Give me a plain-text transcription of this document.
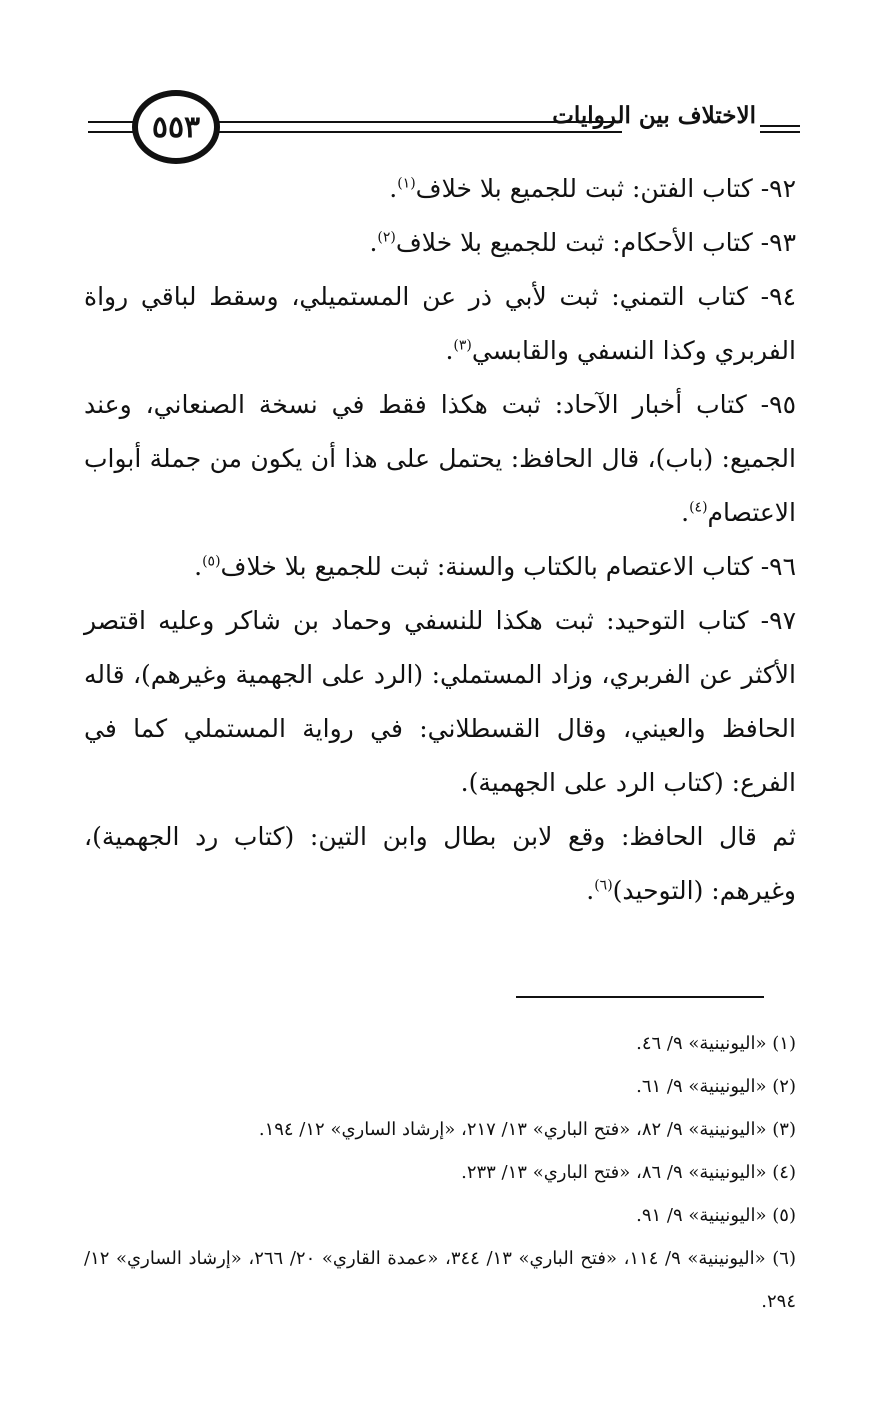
٥٥٣	الاختلاف بين الروايات

٩٢- كتاب الفتن: ثبت للجميع بلا خلاف$^{(١)}$.

٩٣- كتاب الأحكام: ثبت للجميع بلا خلاف$^{(٢)}$.

٩٤- كتاب التمني: ثبت لأبي ذر عن المستميلي، وسقط لباقي رواة الفربري وكذا النسفي والقابسي$^{(٣)}$.

٩٥- كتاب أخبار الآحاد: ثبت هكذا فقط في نسخة الصنعاني، وعند الجميع: (باب)، قال الحافظ: يحتمل على هذا أن يكون من جملة أبواب الاعتصام$^{(٤)}$.

٩٦- كتاب الاعتصام بالكتاب والسنة: ثبت للجميع بلا خلاف$^{(٥)}$.

٩٧- كتاب التوحيد: ثبت هكذا للنسفي وحماد بن شاكر وعليه اقتصر الأكثر عن الفربري، وزاد المستملي: (الرد على الجهمية وغيرهم)، قاله الحافظ والعيني، وقال القسطلاني: في رواية المستملي كما في الفرع: (كتاب الرد على الجهمية).

ثم قال الحافظ: وقع لابن بطال وابن التين: (كتاب رد الجهمية)، وغيرهم: (التوحيد)$^{(٦)}$.

(١) «اليونينية» ٩/ ٤٦.

(٢) «اليونينية» ٩/ ٦١.

(٣) «اليونينية» ٩/ ٨٢، «فتح الباري» ١٣/ ٢١٧، «إرشاد الساري» ١٢/ ١٩٤.

(٤) «اليونينية» ٩/ ٨٦، «فتح الباري» ١٣/ ٢٣٣.

(٥) «اليونينية» ٩/ ٩١.

(٦) «اليونينية» ٩/ ١١٤، «فتح الباري» ١٣/ ٣٤٤، «عمدة القاري» ٢٠/ ٢٦٦، «إرشاد الساري» ١٢/ ٢٩٤.
